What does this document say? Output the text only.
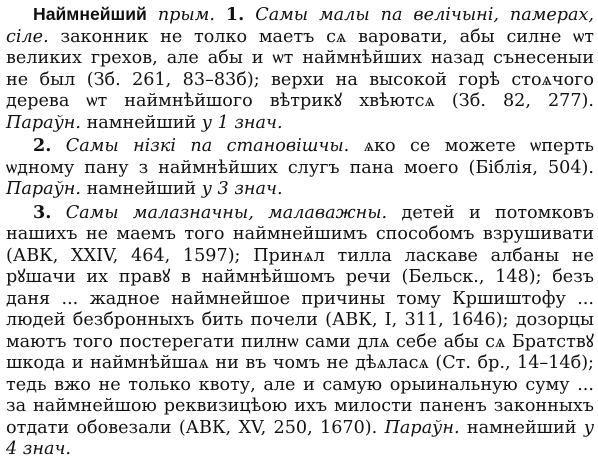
Наймнейший прым. 1. Самы малы па велічыні, памерах, сіле. законник не толко маетъ сѧ варовати, абы силне ѡт великих грехов, але абы и ѡт наймнѣйших назад сънесеныи не был (Зб. 261, 83–83б); верхи на высокой горѣ стоѧчого дерева ѡт наймнѣйшого вѣтрикꙋ хвѣютсѧ (Зб. 82, 277). Параўн. намнейший у 1 знач.

2. Самы нізкі па становішчы. ѧко се можете ѡперть ѡдному пану з наймнѣйших слугъ пана моего (Біблія, 504). Параўн. намнейший у 3 знач.

3. Самы малазначны, малаважны. детей и потомковъ нашихъ не маемъ того наймнейшимъ способомъ взрушивати (АВК, XXIV, 464, 1597); Принѧл тилла ласкаве албаны не рꙋшачи их правꙋ в наймнѣйшомъ речи (Бельск., 148); безъ даня ... жадное наймнейшое причины тому Кршиштофу ... людей безбронныхъ бить почели (АВК, I, 311, 1646); дозорцы маютъ того постерегати пилнѡ сами длѧ себе абы сѧ Братствꙋ шкода и наймнѣйшаѧ ни въ чомъ не дѣѧласѧ (Ст. бр., 14–14б); тедь вжо не только квоту, але и самую орыинальную суму ... за наймнейшою реквизицѣою ихъ милости паненъ законныхъ отдати обовезали (АВК, XV, 250, 1670). Параўн. намнейший у 4 знач.
